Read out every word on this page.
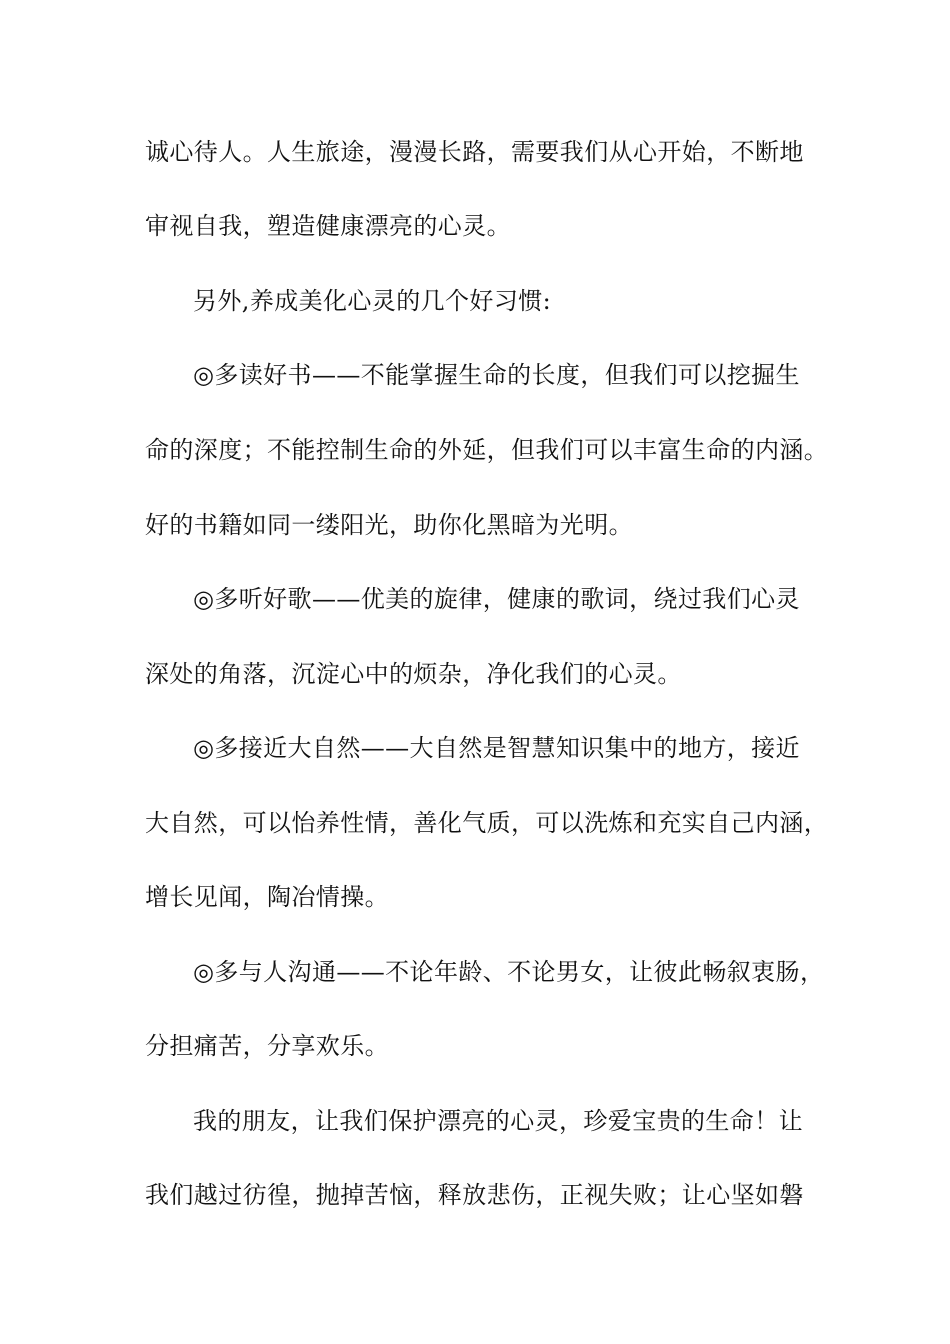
诚心待人。人生旅途，漫漫长路，需要我们从心开始，不断地
审视自我，塑造健康漂亮的心灵。
另外,养成美化心灵的几个好习惯:
◎多读好书——不能掌握生命的长度，但我们可以挖掘生
命的深度；不能控制生命的外延，但我们可以丰富生命的内涵。
好的书籍如同一缕阳光，助你化黑暗为光明。
◎多听好歌——优美的旋律，健康的歌词，绕过我们心灵
深处的角落，沉淀心中的烦杂，净化我们的心灵。
◎多接近大自然——大自然是智慧知识集中的地方，接近
大自然，可以怡养性情，善化气质，可以洗炼和充实自己内涵，
增长见闻，陶冶情操。
◎多与人沟通——不论年龄、不论男女，让彼此畅叙衷肠，
分担痛苦，分享欢乐。
我的朋友，让我们保护漂亮的心灵，珍爱宝贵的生命！让
我们越过彷徨，抛掉苦恼，释放悲伤，正视失败；让心坚如磐
